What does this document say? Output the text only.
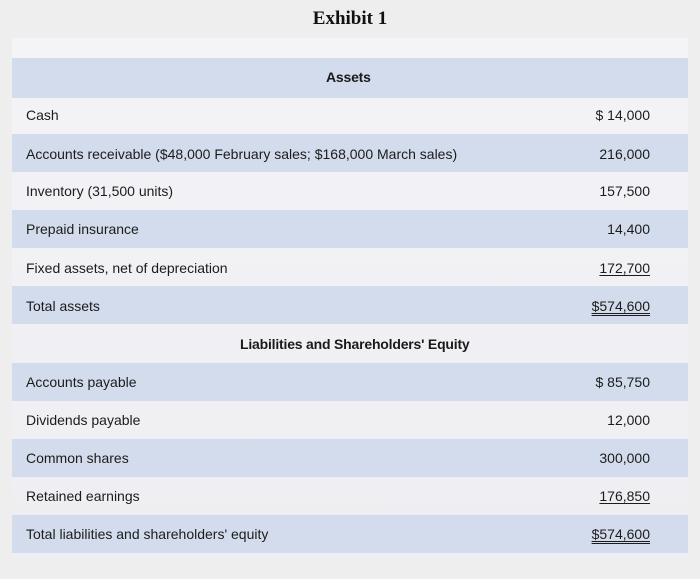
Exhibit 1
Assets
Cash	$ 14,000
Accounts receivable ($48,000 February sales; $168,000 March sales)	216,000
Inventory (31,500 units)	157,500
Prepaid insurance	14,400
Fixed assets, net of depreciation	172,700
Total assets	$574,600
Liabilities and Shareholders' Equity
Accounts payable	$ 85,750
Dividends payable	12,000
Common shares	300,000
Retained earnings	176,850
Total liabilities and shareholders' equity	$574,600
